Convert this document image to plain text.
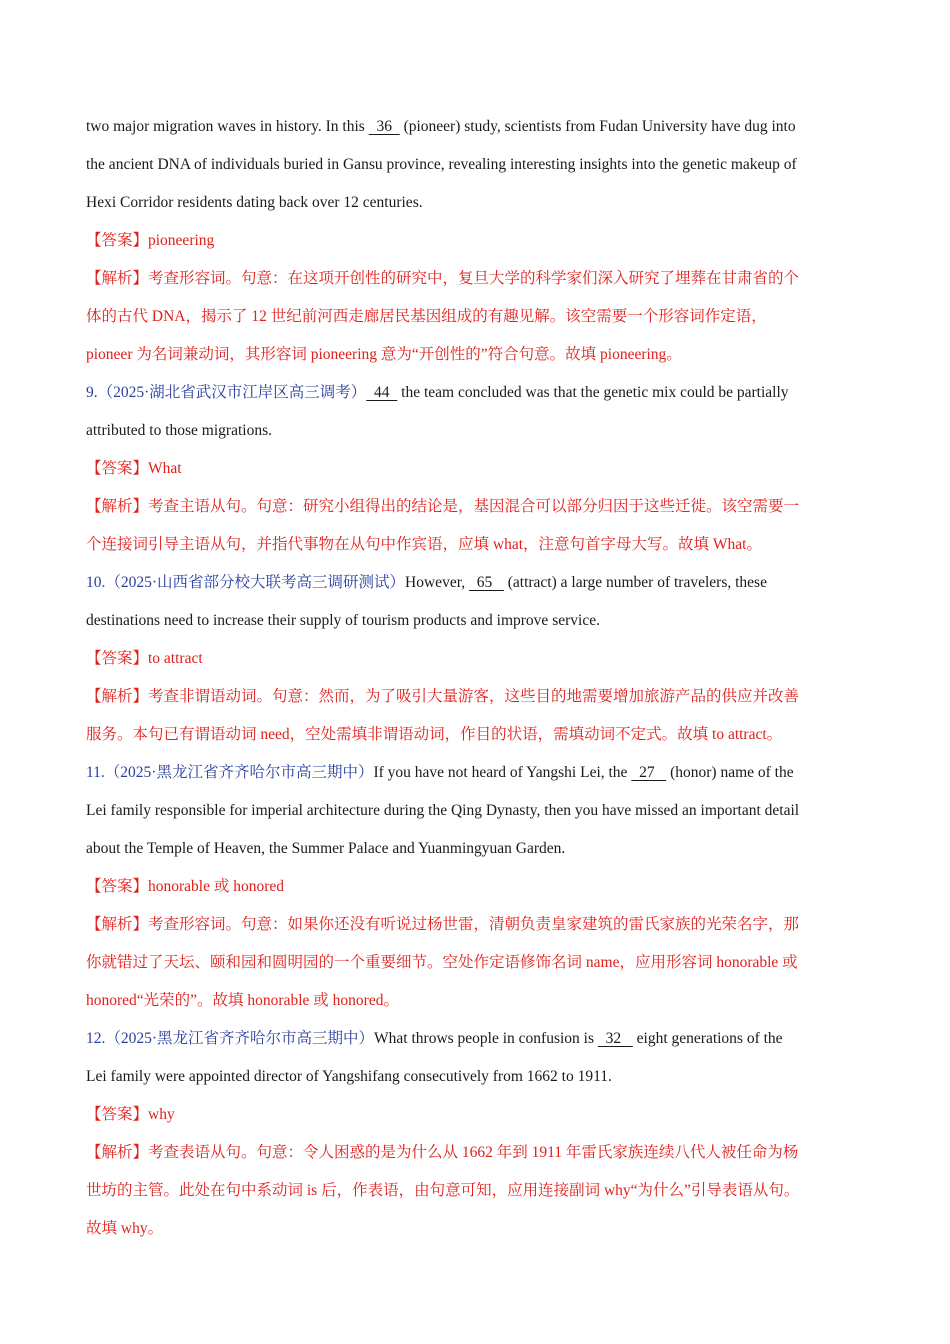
two major migration waves in history. In this   36   (pioneer) study, scientists from Fudan University have dug into
the ancient DNA of individuals buried in Gansu province, revealing interesting insights into the genetic makeup of
Hexi Corridor residents dating back over 12 centuries.
【答案】pioneering
【解析】考查形容词。句意：在这项开创性的研究中，复旦大学的科学家们深入研究了埋葬在甘肃省的个
体的古代 DNA，揭示了 12 世纪前河西走廊居民基因组成的有趣见解。该空需要一个形容词作定语，
pioneer 为名词兼动词，其形容词 pioneering 意为“开创性的”符合句意。故填 pioneering。
9.（2025·湖北省武汉市江岸区高三调考）  44   the team concluded was that the genetic mix could be partially
attributed to those migrations.
【答案】What
【解析】考查主语从句。句意：研究小组得出的结论是，基因混合可以部分归因于这些迁徙。该空需要一
个连接词引导主语从句，并指代事物在从句中作宾语，应填 what，注意句首字母大写。故填 What。
10.（2025·山西省部分校大联考高三调研测试）However,   65    (attract) a large number of travelers, these
destinations need to increase their supply of tourism products and improve service.
【答案】to attract
【解析】考查非谓语动词。句意：然而，为了吸引大量游客，这些目的地需要增加旅游产品的供应并改善
服务。本句已有谓语动词 need，空处需填非谓语动词，作目的状语，需填动词不定式。故填 to attract。
11.（2025·黑龙江省齐齐哈尔市高三期中）If you have not heard of Yangshi Lei, the   27    (honor) name of the
Lei family responsible for imperial architecture during the Qing Dynasty, then you have missed an important detail
about the Temple of Heaven, the Summer Palace and Yuanmingyuan Garden.
【答案】honorable 或 honored
【解析】考查形容词。句意：如果你还没有听说过杨世雷，清朝负责皇家建筑的雷氏家族的光荣名字，那
你就错过了天坛、颐和园和圆明园的一个重要细节。空处作定语修饰名词 name，应用形容词 honorable 或
honored“光荣的”。故填 honorable 或 honored。
12.（2025·黑龙江省齐齐哈尔市高三期中）What throws people in confusion is   32    eight generations of the
Lei family were appointed director of Yangshifang consecutively from 1662 to 1911.
【答案】why
【解析】考查表语从句。句意：令人困惑的是为什么从 1662 年到 1911 年雷氏家族连续八代人被任命为杨
世坊的主管。此处在句中系动词 is 后，作表语，由句意可知，应用连接副词 why“为什么”引导表语从句。
故填 why。
